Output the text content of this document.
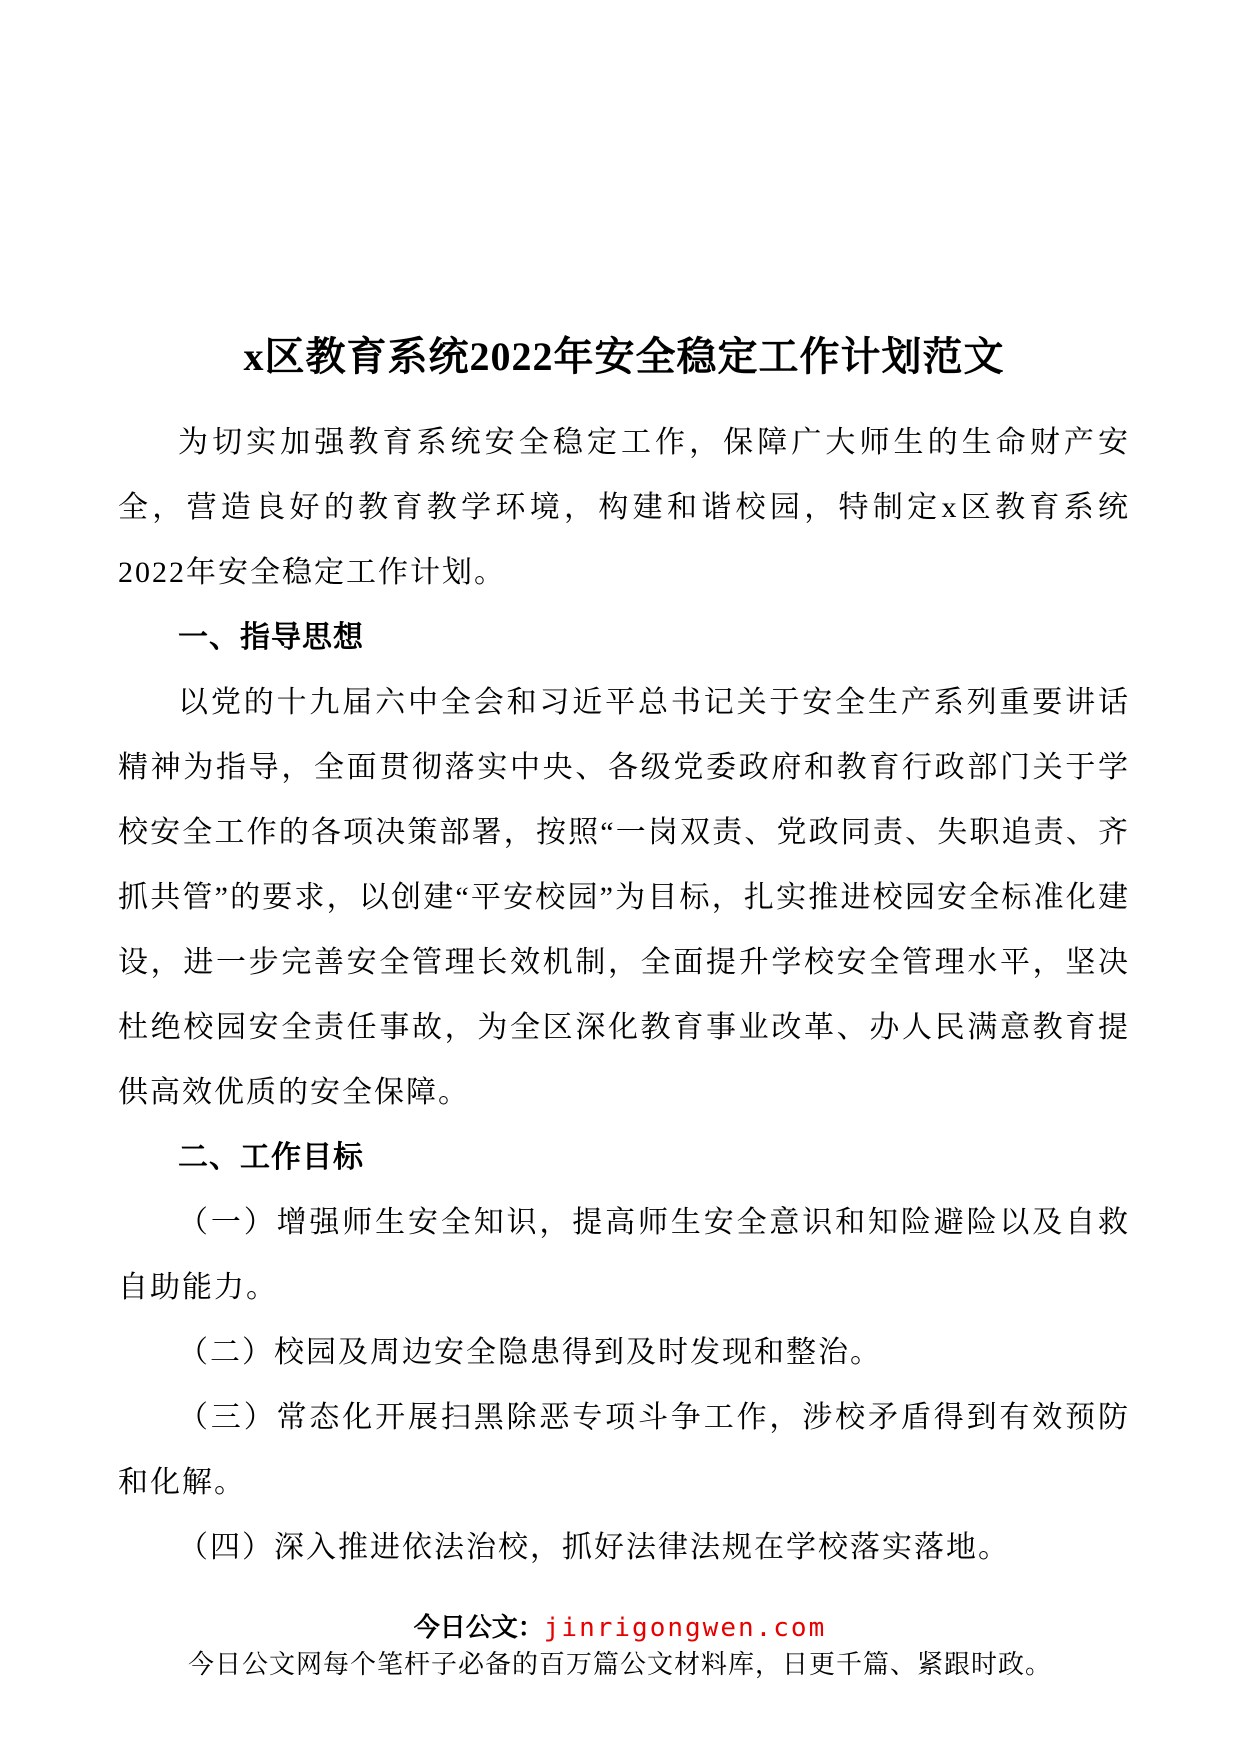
x区教育系统2022年安全稳定工作计划范文

为切实加强教育系统安全稳定工作，保障广大师生的生命财产安全，营造良好的教育教学环境，构建和谐校园，特制定x区教育系统2022年安全稳定工作计划。

一、指导思想

以党的十九届六中全会和习近平总书记关于安全生产系列重要讲话精神为指导，全面贯彻落实中央、各级党委政府和教育行政部门关于学校安全工作的各项决策部署，按照“一岗双责、党政同责、失职追责、齐抓共管”的要求，以创建“平安校园”为目标，扎实推进校园安全标准化建设，进一步完善安全管理长效机制，全面提升学校安全管理水平，坚决杜绝校园安全责任事故，为全区深化教育事业改革、办人民满意教育提供高效优质的安全保障。

二、工作目标

（一）增强师生安全知识，提高师生安全意识和知险避险以及自救自助能力。

（二）校园及周边安全隐患得到及时发现和整治。

（三）常态化开展扫黑除恶专项斗争工作，涉校矛盾得到有效预防和化解。

（四）深入推进依法治校，抓好法律法规在学校落实落地。

今日公文：jinrigongwen.com
今日公文网每个笔杆子必备的百万篇公文材料库，日更千篇、紧跟时政。
